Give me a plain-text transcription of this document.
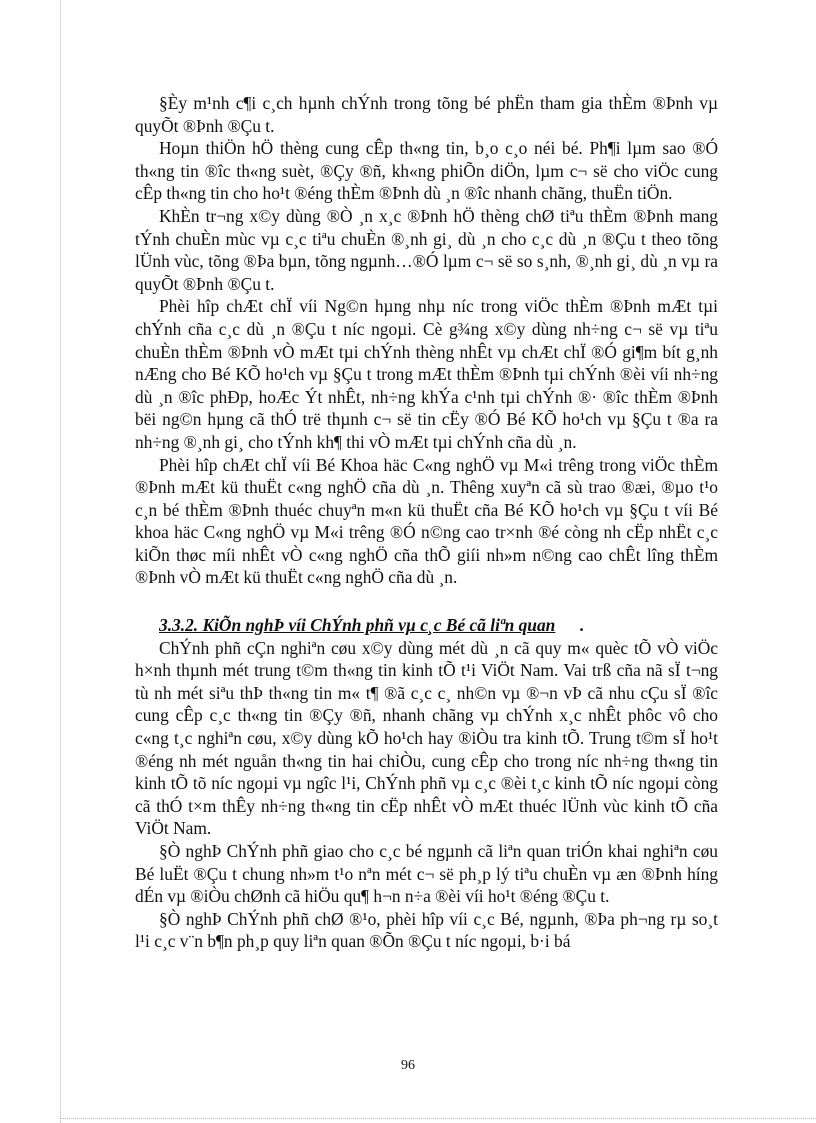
§Èy m¹nh c¶i c¸ch hµnh chÝnh trong tõng bé phËn tham gia thÈm ®Þnh vµ quyÕt ®Þnh ®Çu t.

Hoµn thiÖn hÖ thèng cung cÊp th«ng tin, b¸o c¸o néi bé. Ph¶i lµm sao ®Ó th«ng tin ®îc th«ng suèt, ®Çy ®ñ, kh«ng phiÕn diÖn, lµm c¬ së cho viÖc cung cÊp th«ng tin cho ho¹t ®éng thÈm ®Þnh dù ¸n ®îc nhanh chãng, thuËn tiÖn.

KhÈn tr¬ng x©y dùng ®Ò ¸n x¸c ®Þnh hÖ thèng chØ tiªu thÈm ®Þnh mang tÝnh chuÈn mùc vµ c¸c tiªu chuÈn ®¸nh gi¸ dù ¸n cho c¸c dù ¸n ®Çu t theo tõng lÜnh vùc, tõng ®Þa bµn, tõng ngµnh…®Ó lµm c¬ së so s¸nh, ®¸nh gi¸ dù ¸n vµ ra quyÕt ®Þnh ®Çu t.

Phèi hîp chÆt chÏ víi Ng©n hµng nhµ níc trong viÖc thÈm ®Þnh mÆt tµi chÝnh cña c¸c dù ¸n ®Çu t níc ngoµi. Cè g¾ng x©y dùng nh÷ng c¬ së vµ tiªu chuÈn thÈm ®Þnh vÒ mÆt tµi chÝnh thèng nhÊt vµ chÆt chÏ ®Ó gi¶m bít g¸nh nÆng cho Bé KÕ ho¹ch vµ §Çu t trong mÆt thÈm ®Þnh tµi chÝnh ®èi víi nh÷ng dù ¸n ®îc phÐp, hoÆc Ýt nhÊt, nh÷ng khÝa c¹nh tµi chÝnh ®· ®îc thÈm ®Þnh bëi ng©n hµng cã thÓ trë thµnh c¬ së tin cËy ®Ó Bé KÕ ho¹ch vµ §Çu t ®a ra nh÷ng ®¸nh gi¸ cho tÝnh kh¶ thi vÒ mÆt tµi chÝnh cña dù ¸n.

Phèi hîp chÆt chÏ víi Bé Khoa häc C«ng nghÖ vµ M«i trêng trong viÖc thÈm ®Þnh mÆt kü thuËt c«ng nghÖ cña dù ¸n. Thêng xuyªn cã sù trao ®æi, ®µo t¹o c¸n bé thÈm ®Þnh thuéc chuyªn m«n kü thuËt cña Bé KÕ ho¹ch vµ §Çu t víi Bé khoa häc C«ng nghÖ vµ M«i trêng ®Ó n©ng cao tr×nh ®é còng nh cËp nhËt c¸c kiÕn thøc míi nhÊt vÒ c«ng nghÖ cña thÕ giíi nh»m n©ng cao chÊt lîng thÈm ®Þnh vÒ mÆt kü thuËt c«ng nghÖ cña dù ¸n.

3.3.2. KiÕn nghÞ víi ChÝnh phñ vµ c¸c Bé cã liªn quan .

ChÝnh phñ cÇn nghiªn cøu x©y dùng mét dù ¸n cã quy m« quèc tÕ vÒ viÖc h×nh thµnh mét trung t©m th«ng tin kinh tÕ t¹i ViÖt Nam. Vai trß cña nã sÏ t¬ng tù nh mét siªu thÞ th«ng tin m« t¶ ®ã c¸c c¸ nh©n vµ ®¬n vÞ cã nhu cÇu sÏ ®îc cung cÊp c¸c th«ng tin ®Çy ®ñ, nhanh chãng vµ chÝnh x¸c nhÊt phôc vô cho c«ng t¸c nghiªn cøu, x©y dùng kÕ ho¹ch hay ®iÒu tra kinh tÕ. Trung t©m sÏ ho¹t ®éng nh mét nguån th«ng tin hai chiÒu, cung cÊp cho trong níc nh÷ng th«ng tin kinh tÕ tõ níc ngoµi vµ ngîc l¹i, ChÝnh phñ vµ c¸c ®èi t¸c kinh tÕ níc ngoµi còng cã thÓ t×m thÊy nh÷ng th«ng tin cËp nhÊt vÒ mÆt thuéc lÜnh vùc kinh tÕ cña ViÖt Nam.

§Ò nghÞ ChÝnh phñ giao cho c¸c bé ngµnh cã liªn quan triÓn khai nghiªn cøu Bé luËt ®Çu t chung nh»m t¹o nªn mét c¬ së ph¸p lý tiªu chuÈn vµ æn ®Þnh híng dÉn vµ ®iÒu chØnh cã hiÖu qu¶ h¬n n÷a ®èi víi ho¹t ®éng ®Çu t.

§Ò nghÞ ChÝnh phñ chØ ®¹o, phèi hîp víi c¸c Bé, ngµnh, ®Þa ph¬ng rµ so¸t l¹i c¸c v¨n b¶n ph¸p quy liªn quan ®Õn ®Çu t níc ngoµi, b·i bá

96
